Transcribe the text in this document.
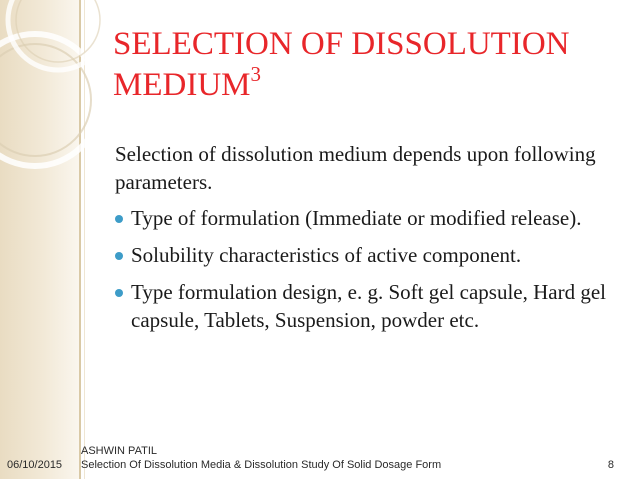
SELECTION OF DISSOLUTION MEDIUM$^3$

Selection of dissolution medium depends upon following parameters.

Type of formulation (Immediate or modified release).
Solubility characteristics of active component.
Type formulation design, e. g. Soft gel capsule, Hard gel capsule, Tablets, Suspension, powder etc.
ASHWIN PATIL
Selection Of Dissolution Media & Dissolution Study Of Solid Dosage Form
06/10/2015	8
